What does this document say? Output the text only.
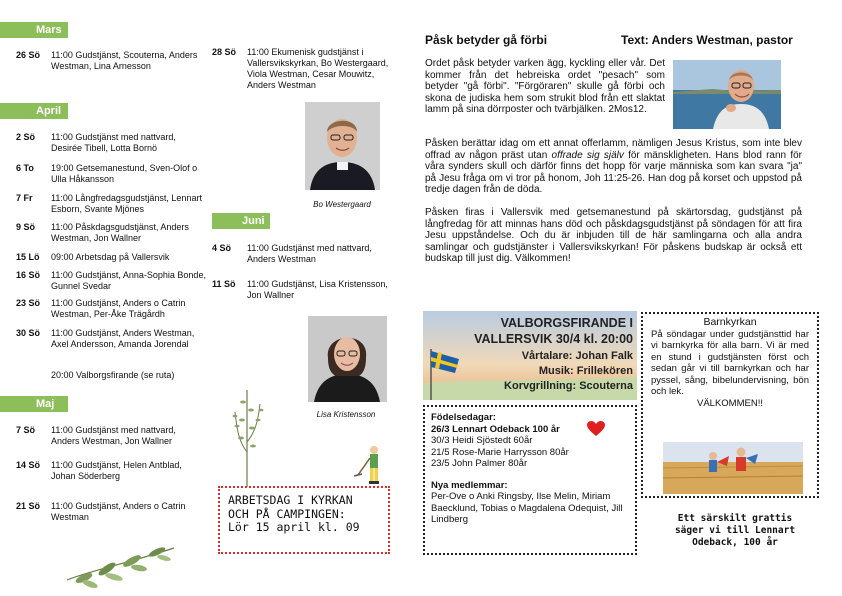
Mars
26 Sö	11:00 Gudstjänst, Scouterna, Anders Westman, Lina Arnesson
April
2 Sö	11:00 Gudstjänst med nattvard, Desirée Tibell, Lotta Bornö
6 To	19:00 Getsemanestund, Sven-Olof o Ulla Håkansson
7 Fr	11:00 Långfredagsgudstjänst, Lennart Esborn, Svante Mjönes
9 Sö	11:00 Påskdagsgudstjänst, Anders Westman, Jon Wallner
15 Lö	09:00 Arbetsdag på Vallersvik
16 Sö	11:00 Gudstjänst, Anna-Sophia Bonde, Gunnel Svedar
23 Sö	11:00 Gudstjänst, Anders o Catrin Westman, Per-Åke Trägårdh
30 Sö	11:00 Gudstjänst, Anders Westman, Axel Andersson, Amanda Jorendal
20:00 Valborgsfirande (se ruta)
Maj
7 Sö	11:00 Gudstjänst med nattvard, Anders Westman, Jon Wallner
14 Sö	11:00 Gudstjänst, Helen Antblad, Johan Söderberg
21 Sö	11:00 Gudstjänst, Anders o Catrin Westman
28 Sö	11:00 Ekumenisk gudstjänst i Vallersvikskyrkan, Bo Westergaard, Viola Westman, Cesar Mouwitz, Anders Westman
Bo Westergaard
Juni
4 Sö	11:00 Gudstjänst med nattvard, Anders Westman
11 Sö	11:00 Gudstjänst, Lisa Kristensson, Jon Wallner
Lisa Kristensson
ARBETSDAG I KYRKAN
OCH PÅ CAMPINGEN:
Lör 15 april kl. 09
Påsk betyder gå förbi	Text: Anders Westman, pastor
Ordet påsk betyder varken ägg, kyckling eller vår. Det kommer från det hebreiska ordet "pesach" som betyder "gå förbi". "Förgöraren" skulle gå förbi och skona de judiska hem som strukit blod från ett slaktat lamm på sina dörrposter och tvärbjälken. 2Mos12.
Påsken berättar idag om ett annat offerlamm, nämligen Jesus Kristus, som inte blev offrad av någon präst utan offrade sig själv för mänskligheten. Hans blod rann för våra synders skull och därför finns det hopp för varje människa som kan svara "ja" på Jesu fråga om vi tror på honom, Joh 11:25-26. Han dog på korset och uppstod på tredje dagen från de döda.
Påsken firas i Vallersvik med getsemanestund på skärtorsdag, gudstjänst på långfredag för att minnas hans död och påskdagsgudstjänst på söndagen för att fira Jesu uppståndelse. Och du är inbjuden till de här samlingarna och alla andra samlingar och gudstjänster i Vallersvikskyrkan! För påskens budskap är också ett budskap till just dig. Välkommen!
VALBORGSFIRANDE I
VALLERSVIK 30/4 kl. 20:00
Vårtalare: Johan Falk
Musik: Frillekören
Korvgrillning: Scouterna
Födelsedagar:
26/3 Lennart Odeback 100 år
30/3 Heidi Sjöstedt 60år
21/5 Rose-Marie Harrysson 80år
23/5 John Palmer 80år
Nya medlemmar:
Per-Ove o Anki Ringsby, Ilse Melin, Miriam Baecklund, Tobias o Magdalena Odequist, Jill Lindberg
Barnkyrkan
På söndagar under gudstjänsttid har vi barnkyrka för alla barn. Vi är med en stund i gudstjänsten först och sedan går vi till barnkyrkan och har pyssel, sång, bibelundervisning, bön och lek.
VÄLKOMMEN!!
Ett särskilt grattis
säger vi till Lennart
Odeback, 100 år
